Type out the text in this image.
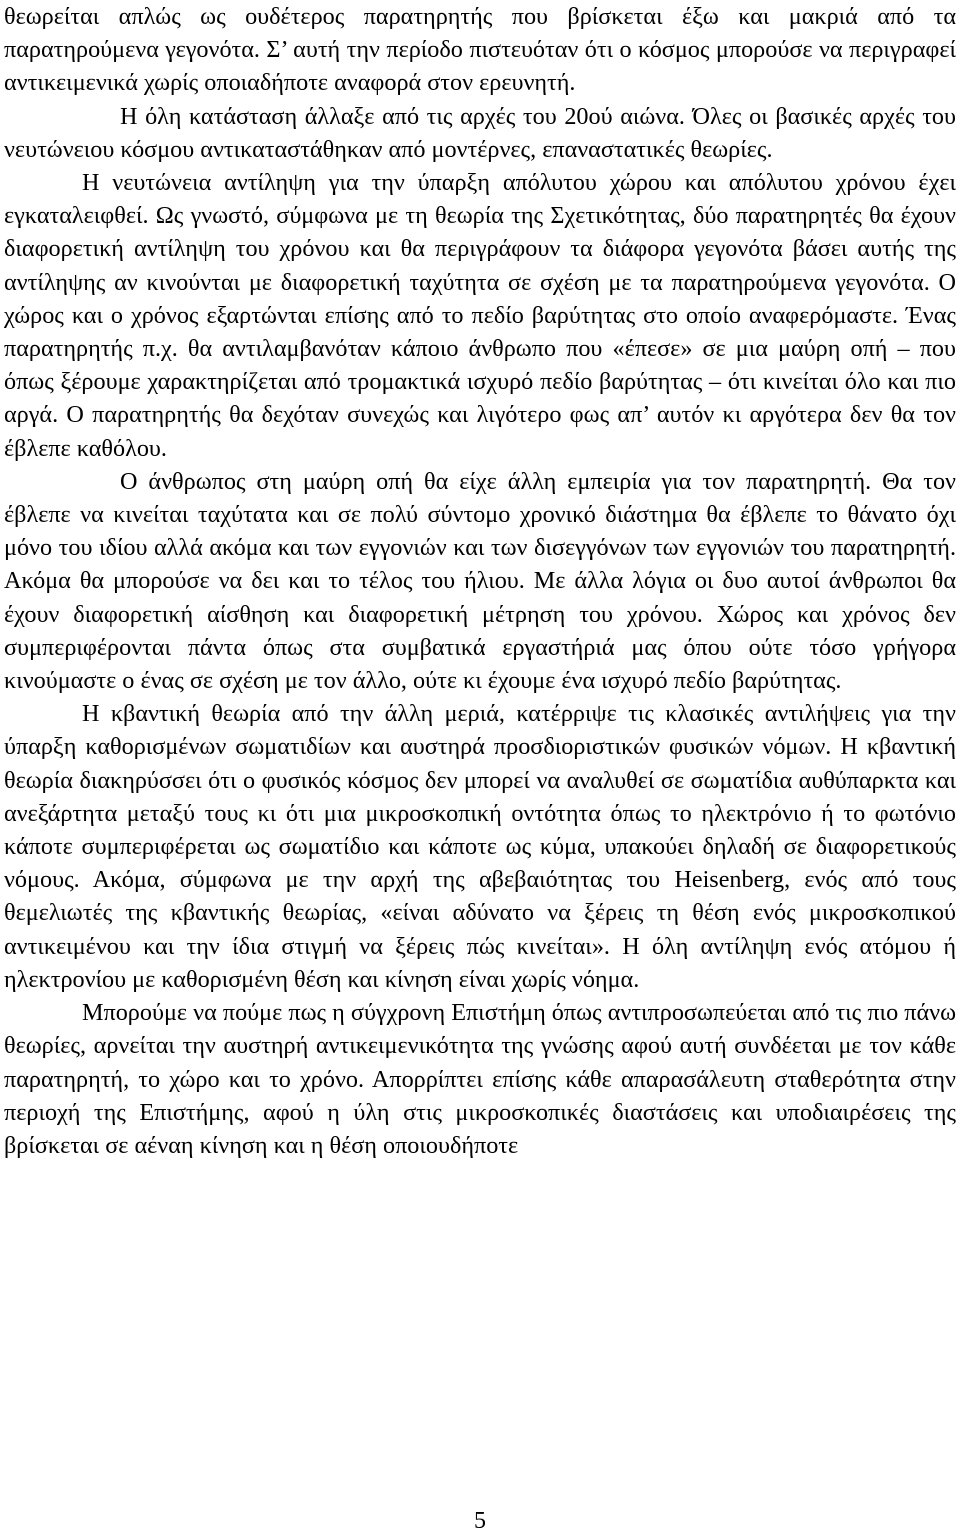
θεωρείται απλώς ως ουδέτερος παρατηρητής που βρίσκεται έξω και μακριά από τα παρατηρούμενα γεγονότα. Σ’ αυτή την περίοδο πιστευόταν ότι ο κόσμος μπορούσε να περιγραφεί αντικειμενικά χωρίς οποιαδήποτε αναφορά στον ερευνητή.

Η όλη κατάσταση άλλαξε από τις αρχές του 20ού αιώνα. Όλες οι βασικές αρχές του νευτώνειου κόσμου αντικαταστάθηκαν από μοντέρνες, επαναστατικές θεωρίες.

Η νευτώνεια αντίληψη για την ύπαρξη απόλυτου χώρου και απόλυτου χρόνου έχει εγκαταλειφθεί. Ως γνωστό, σύμφωνα με τη θεωρία της Σχετικότητας, δύο παρατηρητές θα έχουν διαφορετική αντίληψη του χρόνου και θα περιγράφουν τα διάφορα γεγονότα βάσει αυτής της αντίληψης αν κινούνται με διαφορετική ταχύτητα σε σχέση με τα παρατηρούμενα γεγονότα. Ο χώρος και ο χρόνος εξαρτώνται επίσης από το πεδίο βαρύτητας στο οποίο αναφερόμαστε. Ένας παρατηρητής π.χ. θα αντιλαμβανόταν κάποιο άνθρωπο που «έπεσε» σε μια μαύρη οπή – που όπως ξέρουμε χαρακτηρίζεται από τρομακτικά ισχυρό πεδίο βαρύτητας – ότι κινείται όλο και πιο αργά. Ο παρατηρητής θα δεχόταν συνεχώς και λιγότερο φως απ’ αυτόν κι αργότερα δεν θα τον έβλεπε καθόλου.

Ο άνθρωπος στη μαύρη οπή θα είχε άλλη εμπειρία για τον παρατηρητή. Θα τον έβλεπε να κινείται ταχύτατα και σε πολύ σύντομο χρονικό διάστημα θα έβλεπε το θάνατο όχι μόνο του ιδίου αλλά ακόμα και των εγγονιών και των δισεγγόνων των εγγονιών του παρατηρητή. Ακόμα θα μπορούσε να δει και το τέλος του ήλιου. Με άλλα λόγια οι δυο αυτοί άνθρωποι θα έχουν διαφορετική αίσθηση και διαφορετική μέτρηση του χρόνου. Χώρος και χρόνος δεν συμπεριφέρονται πάντα όπως στα συμβατικά εργαστήριά μας όπου ούτε τόσο γρήγορα κινούμαστε ο ένας σε σχέση με τον άλλο, ούτε κι έχουμε ένα ισχυρό πεδίο βαρύτητας.

Η κβαντική θεωρία από την άλλη μεριά, κατέρριψε τις κλασικές αντιλήψεις για την ύπαρξη καθορισμένων σωματιδίων και αυστηρά προσδιοριστικών φυσικών νόμων. Η κβαντική θεωρία διακηρύσσει ότι ο φυσικός κόσμος δεν μπορεί να αναλυθεί σε σωματίδια αυθύπαρκτα και ανεξάρτητα μεταξύ τους κι ότι μια μικροσκοπική οντότητα όπως το ηλεκτρόνιο ή το φωτόνιο κάποτε συμπεριφέρεται ως σωματίδιο και κάποτε ως κύμα, υπακούει δηλαδή σε διαφορετικούς νόμους. Ακόμα, σύμφωνα με την αρχή της αβεβαιότητας του Heisenberg, ενός από τους θεμελιωτές της κβαντικής θεωρίας, «είναι αδύνατο να ξέρεις τη θέση ενός μικροσκοπικού αντικειμένου και την ίδια στιγμή να ξέρεις πώς κινείται». Η όλη αντίληψη ενός ατόμου ή ηλεκτρονίου με καθορισμένη θέση και κίνηση είναι χωρίς νόημα.

Μπορούμε να πούμε πως η σύγχρονη Επιστήμη όπως αντιπροσωπεύεται από τις πιο πάνω θεωρίες, αρνείται την αυστηρή αντικειμενικότητα της γνώσης αφού αυτή συνδέεται με τον κάθε παρατηρητή, το χώρο και το χρόνο. Απορρίπτει επίσης κάθε απαρασάλευτη σταθερότητα στην περιοχή της Επιστήμης, αφού η ύλη στις μικροσκοπικές διαστάσεις και υποδιαιρέσεις της βρίσκεται σε αέναη κίνηση και η θέση οποιουδήποτε

5
